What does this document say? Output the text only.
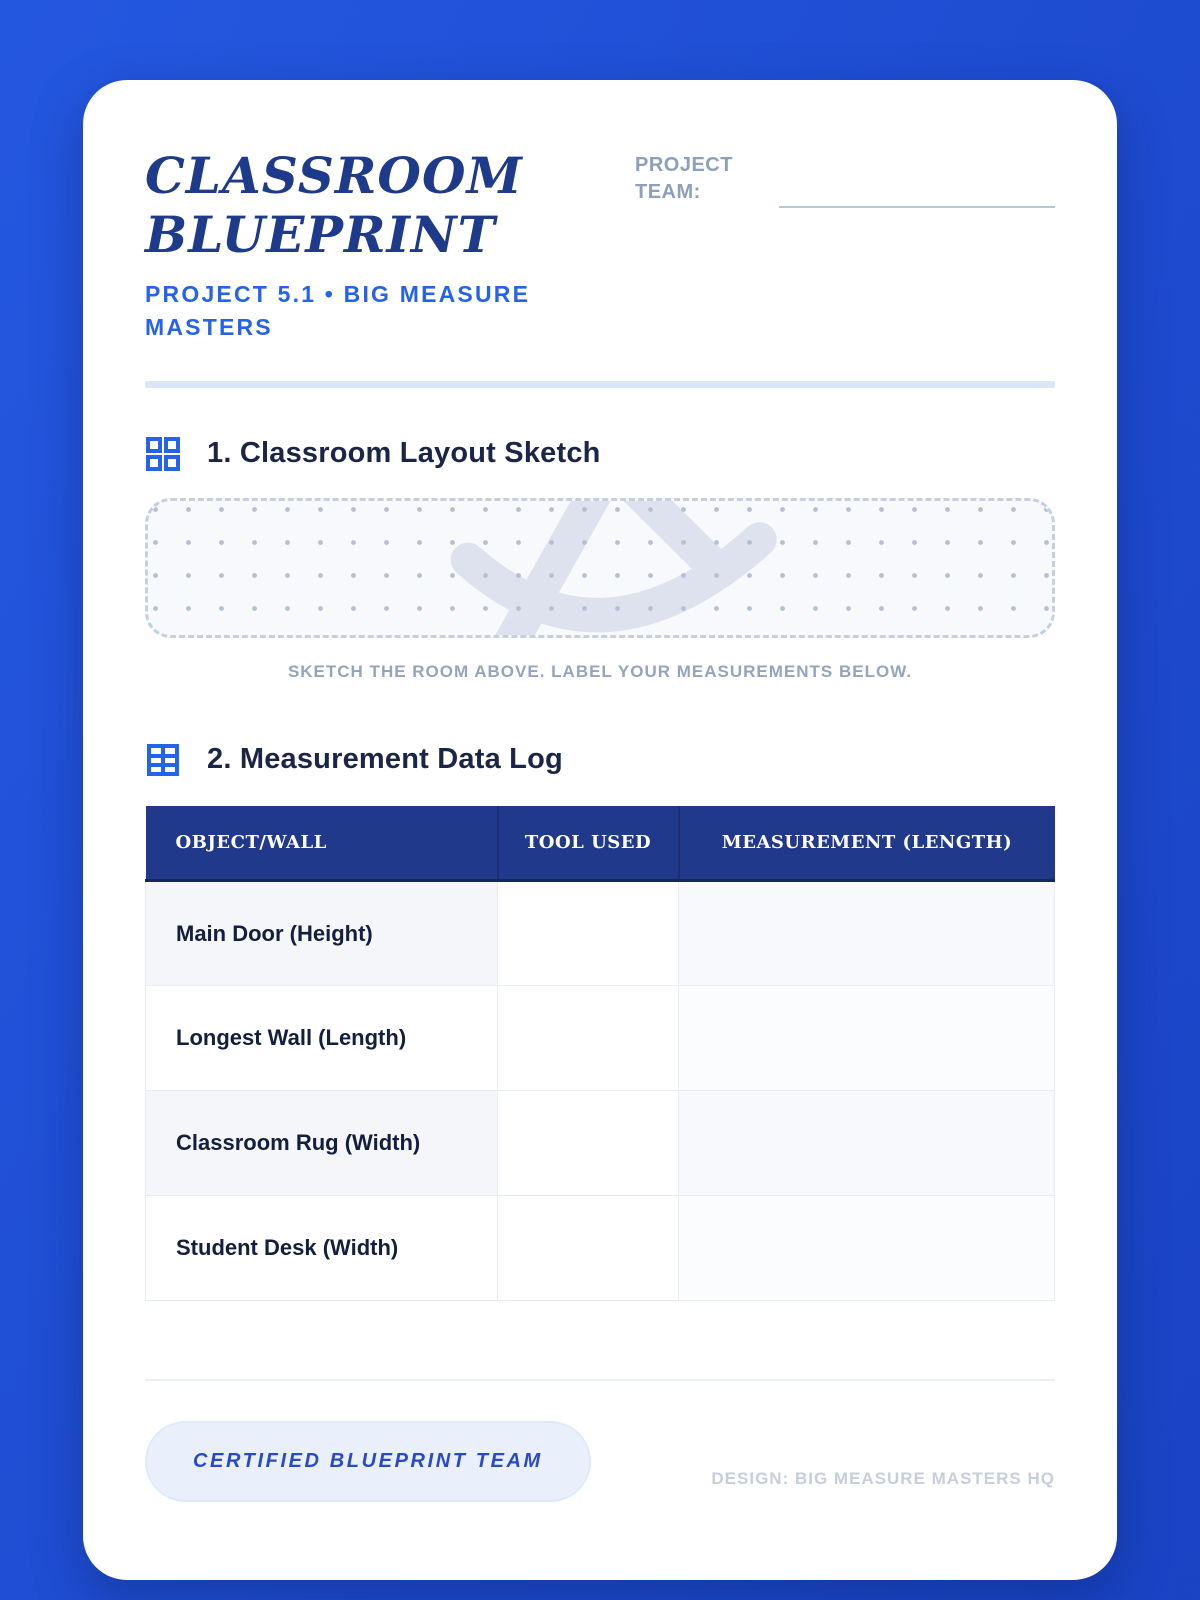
CLASSROOM BLUEPRINT
PROJECT 5.1 • BIG MEASURE MASTERS
PROJECT TEAM:
1. Classroom Layout Sketch
SKETCH THE ROOM ABOVE. LABEL YOUR MEASUREMENTS BELOW.
2. Measurement Data Log
OBJECT/WALL	TOOL USED	MEASUREMENT (LENGTH)
Main Door (Height)		
Longest Wall (Length)		
Classroom Rug (Width)		
Student Desk (Width)		
CERTIFIED BLUEPRINT TEAM
DESIGN: BIG MEASURE MASTERS HQ
